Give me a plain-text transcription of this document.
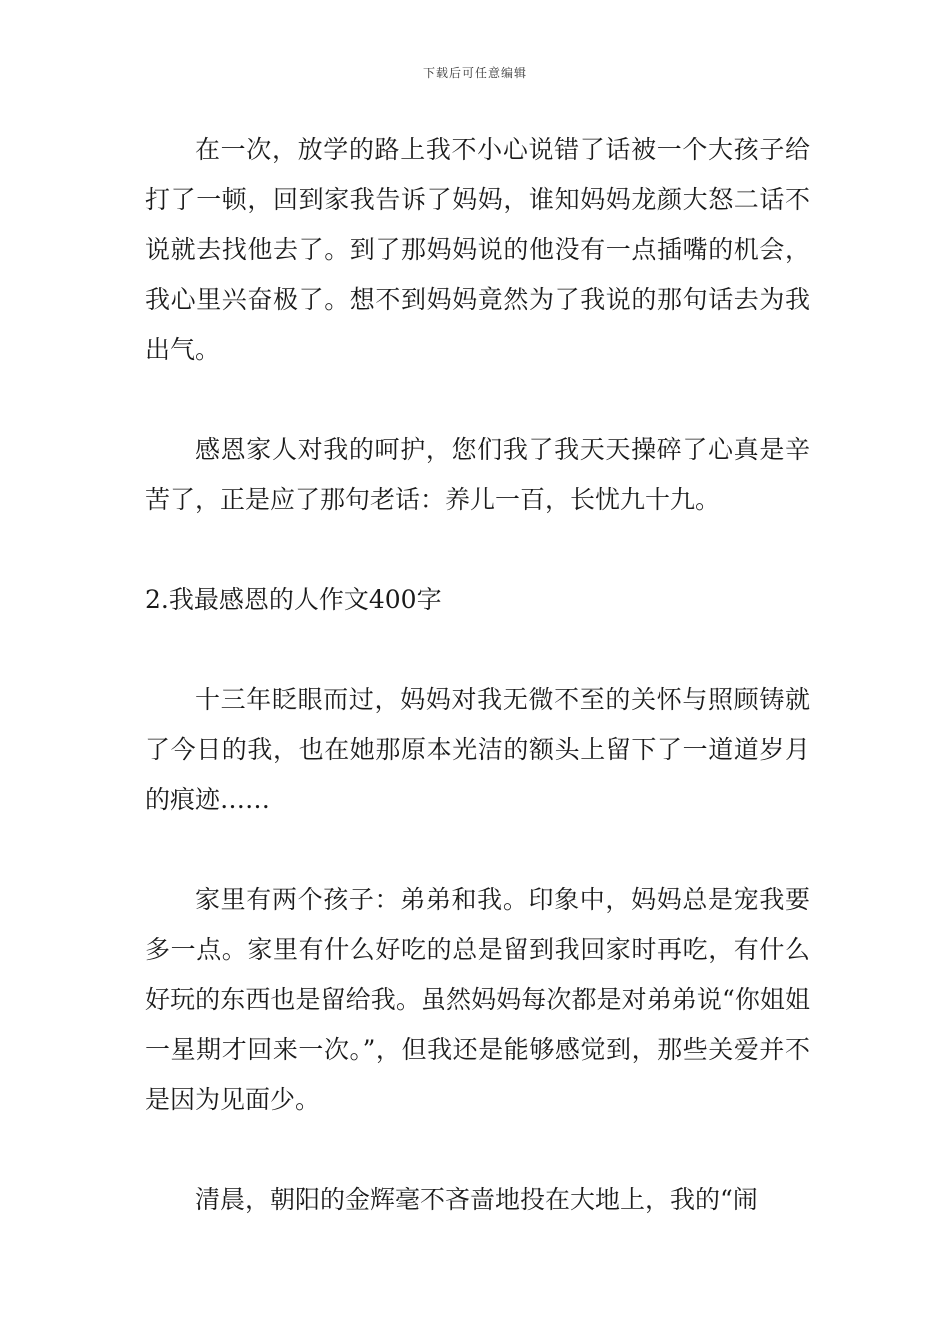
下载后可任意编辑

在一次，放学的路上我不小心说错了话被一个大孩子给打了一顿，回到家我告诉了妈妈，谁知妈妈龙颜大怒二话不说就去找他去了。到了那妈妈说的他没有一点插嘴的机会，我心里兴奋极了。想不到妈妈竟然为了我说的那句话去为我出气。

感恩家人对我的呵护，您们我了我天天操碎了心真是辛苦了，正是应了那句老话：养儿一百，长忧九十九。

2.我最感恩的人作文400字

十三年眨眼而过，妈妈对我无微不至的关怀与照顾铸就了今日的我，也在她那原本光洁的额头上留下了一道道岁月的痕迹……

家里有两个孩子：弟弟和我。印象中，妈妈总是宠我要多一点。家里有什么好吃的总是留到我回家时再吃，有什么好玩的东西也是留给我。虽然妈妈每次都是对弟弟说“你姐姐一星期才回来一次。”，但我还是能够感觉到，那些关爱并不是因为见面少。

清晨，朝阳的金辉毫不吝啬地投在大地上，我的“闹
